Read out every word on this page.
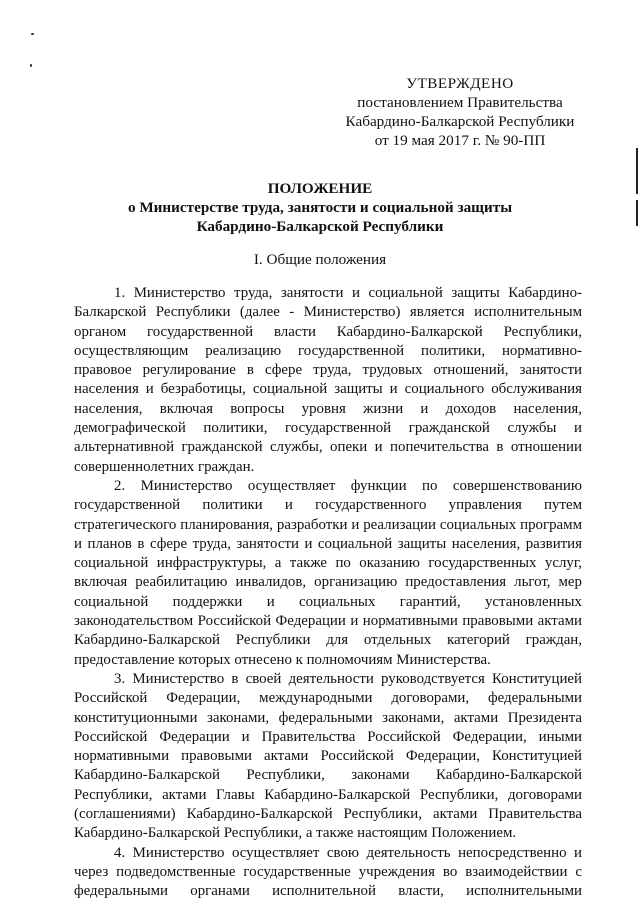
УТВЕРЖДЕНО
постановлением Правительства
Кабардино-Балкарской Республики
от 19 мая 2017 г. № 90-ПП
ПОЛОЖЕНИЕ
о Министерстве труда, занятости и социальной защиты
Кабардино-Балкарской Республики
I. Общие положения

1. Министерство труда, занятости и социальной защиты Кабардино-Балкарской Республики (далее - Министерство) является исполнительным органом государственной власти Кабардино-Балкарской Республики, осуществляющим реализацию государственной политики, нормативно-правовое регулирование в сфере труда, трудовых отношений, занятости населения и безработицы, социальной защиты и социального обслуживания населения, включая вопросы уровня жизни и доходов населения, демографической политики, государственной гражданской службы и альтернативной гражданской службы, опеки и попечительства в отношении совершеннолетних граждан.

2. Министерство осуществляет функции по совершенствованию государственной политики и государственного управления путем стратегического планирования, разработки и реализации социальных программ и планов в сфере труда, занятости и социальной защиты населения, развития социальной инфраструктуры, а также по оказанию государственных услуг, включая реабилитацию инвалидов, организацию предоставления льгот, мер социальной поддержки и социальных гарантий, установленных законодательством Российской Федерации и нормативными правовыми актами Кабардино-Балкарской Республики для отдельных категорий граждан, предоставление которых отнесено к полномочиям Министерства.

3. Министерство в своей деятельности руководствуется Конституцией Российской Федерации, международными договорами, федеральными конституционными законами, федеральными законами, актами Президента Российской Федерации и Правительства Российской Федерации, иными нормативными правовыми актами Российской Федерации, Конституцией Кабардино-Балкарской Республики, законами Кабардино-Балкарской Республики, актами Главы Кабардино-Балкарской Республики, договорами (соглашениями) Кабардино-Балкарской Республики, актами Правительства Кабардино-Балкарской Республики, а также настоящим Положением.

4. Министерство осуществляет свою деятельность непосредственно и через подведомственные государственные учреждения во взаимодействии с федеральными органами исполнительной власти, исполнительными
